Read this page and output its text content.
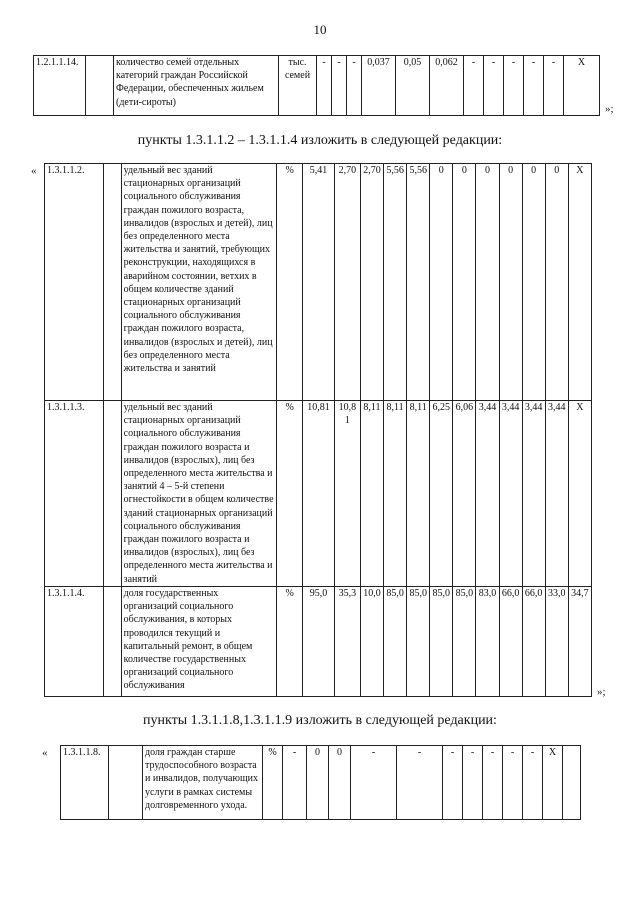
10
1.2.1.1.14.		количество семей отдельных категорий граждан Российской Федерации, обеспеченных жильем (дети-сироты)	тыс. семей	-	-	-	0,037	0,05	0,062	-	-	-	-	-	X
»;
пункты 1.3.1.1.2 – 1.3.1.1.4 изложить в следующей редакции:
« 1.3.1.1.2.		удельный вес зданий стационарных организаций социального обслуживания граждан пожилого возраста, инвалидов (взрослых и детей), лиц без определенного места жительства и занятий, требующих реконструкции, находящихся в аварийном состоянии, ветхих в общем количестве зданий стационарных организаций социального обслуживания граждан пожилого возраста, инвалидов (взрослых и детей), лиц без определенного места жительства и занятий	%	5,41	2,70	2,70	5,56	5,56	0	0	0	0	0	0	X
1.3.1.1.3.		удельный вес зданий стационарных организаций социального обслуживания граждан пожилого возраста и инвалидов (взрослых), лиц без определенного места жительства и занятий 4 – 5-й степени огнестойкости в общем количестве зданий стационарных организаций социального обслуживания граждан пожилого возраста и инвалидов (взрослых), лиц без определенного места жительства и занятий	%	10,81	10,81	8,11	8,11	8,11	6,25	6,06	3,44	3,44	3,44	3,44	X
1.3.1.1.4.		доля государственных организаций социального обслуживания, в которых проводился текущий и капитальный ремонт, в общем количестве государственных организаций социального обслуживания	%	95,0	35,3	10,0	85,0	85,0	85,0	85,0	83,0	66,0	66,0	33,0	34,7
»;
пункты 1.3.1.1.8,1.3.1.1.9 изложить в следующей редакции:
« 1.3.1.1.8.		доля граждан старше трудоспособного возраста и инвалидов, получающих услуги в рамках системы долговременного ухода.	%	-	0	0	-	-	-	-	-	-	-	X	
